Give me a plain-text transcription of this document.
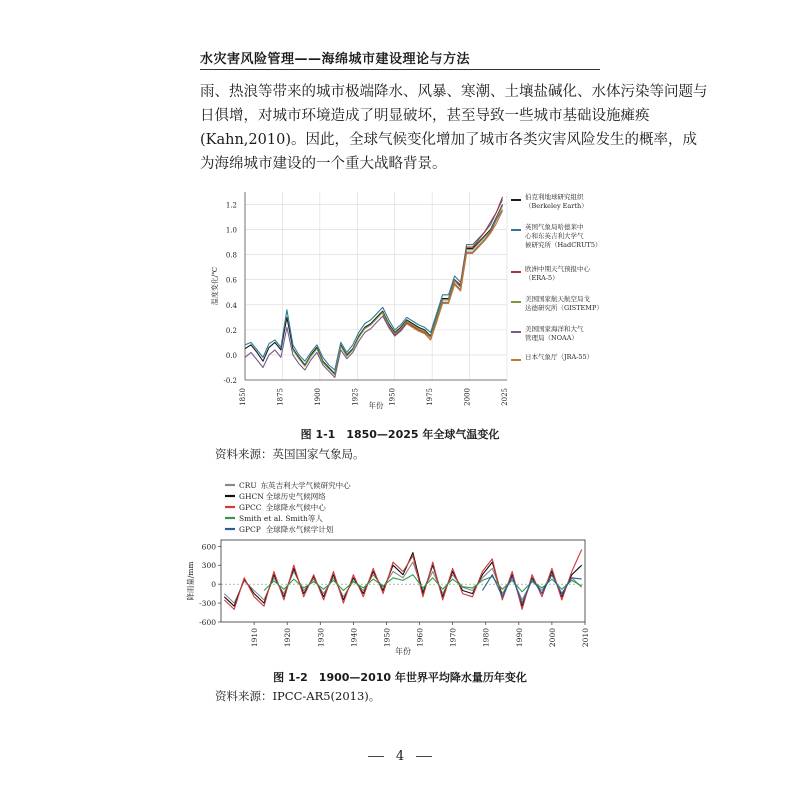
水灾害风险管理——海绵城市建设理论与方法
雨、热浪等带来的城市极端降水、风暴、寒潮、土壤盐碱化、水体污染等问题与
日俱增，对城市环境造成了明显破坏，甚至导致一些城市基础设施瘫痪
(Kahn,2010)。因此，全球气候变化增加了城市各类灾害风险发生的概率，成
为海绵城市建设的一个重大战略背景。
-0.2
0.0
0.2
0.4
0.6
0.8
1.0
1.2
1850	1875	1900	1925	1950	1975	2000	2025
温度变化/℃
年份
伯克利地球研究组织
（Berkeley Earth）
英国气象局哈德莱中
心和东英吉利大学气
候研究所（HadCRUT5）
欧洲中期天气预报中心
（ERA-5）
美国国家航天航空局戈
达德研究所（GISTEMP）
美国国家海洋和大气
管理局（NOAA）
日本气象厅（JRA-55）
图 1-1　1850—2025 年全球气温变化
资料来源：英国国家气象局。
600
300
0
-300
-600
1910	1920	1930	1940	1950	1960	1970	1980	1990	2000	2010
降雨量/mm
年份
CRU 东英吉利大学气候研究中心
GHCN 全球历史气候网络
GPCC 全球降水气候中心
Smith et al. Smith等人
GPCP 全球降水气候学计划
图 1-2　1900—2010 年世界平均降水量历年变化
资料来源：IPCC-AR5(2013)。
4
